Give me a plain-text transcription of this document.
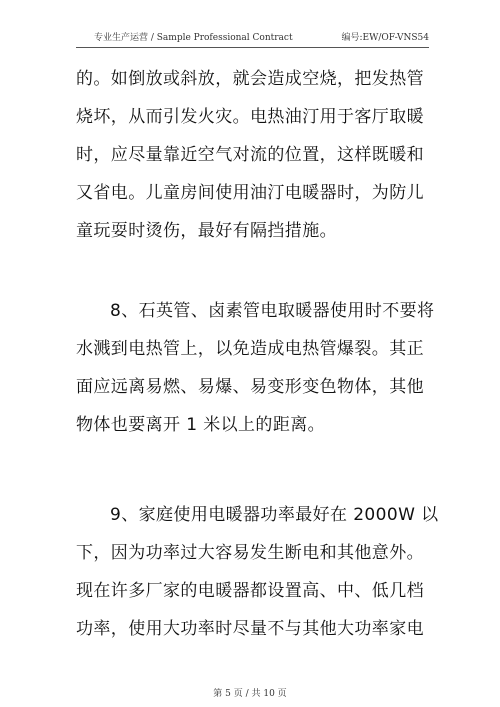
专业生产运营 / Sample Professional Contract	编号:EW/OF-VNS54
的。如倒放或斜放，就会造成空烧，把发热管
烧坏，从而引发火灾。电热油汀用于客厅取暖
时，应尽量靠近空气对流的位置，这样既暖和
又省电。儿童房间使用油汀电暖器时，为防儿
童玩耍时烫伤，最好有隔挡措施。
8、石英管、卤素管电取暖器使用时不要将
水溅到电热管上，以免造成电热管爆裂。其正
面应远离易燃、易爆、易变形变色物体，其他
物体也要离开 1 米以上的距离。
9、家庭使用电暖器功率最好在 2000W 以
下，因为功率过大容易发生断电和其他意外。
现在许多厂家的电暖器都设置高、中、低几档
功率，使用大功率时尽量不与其他大功率家电
第 5 页 / 共 10 页
